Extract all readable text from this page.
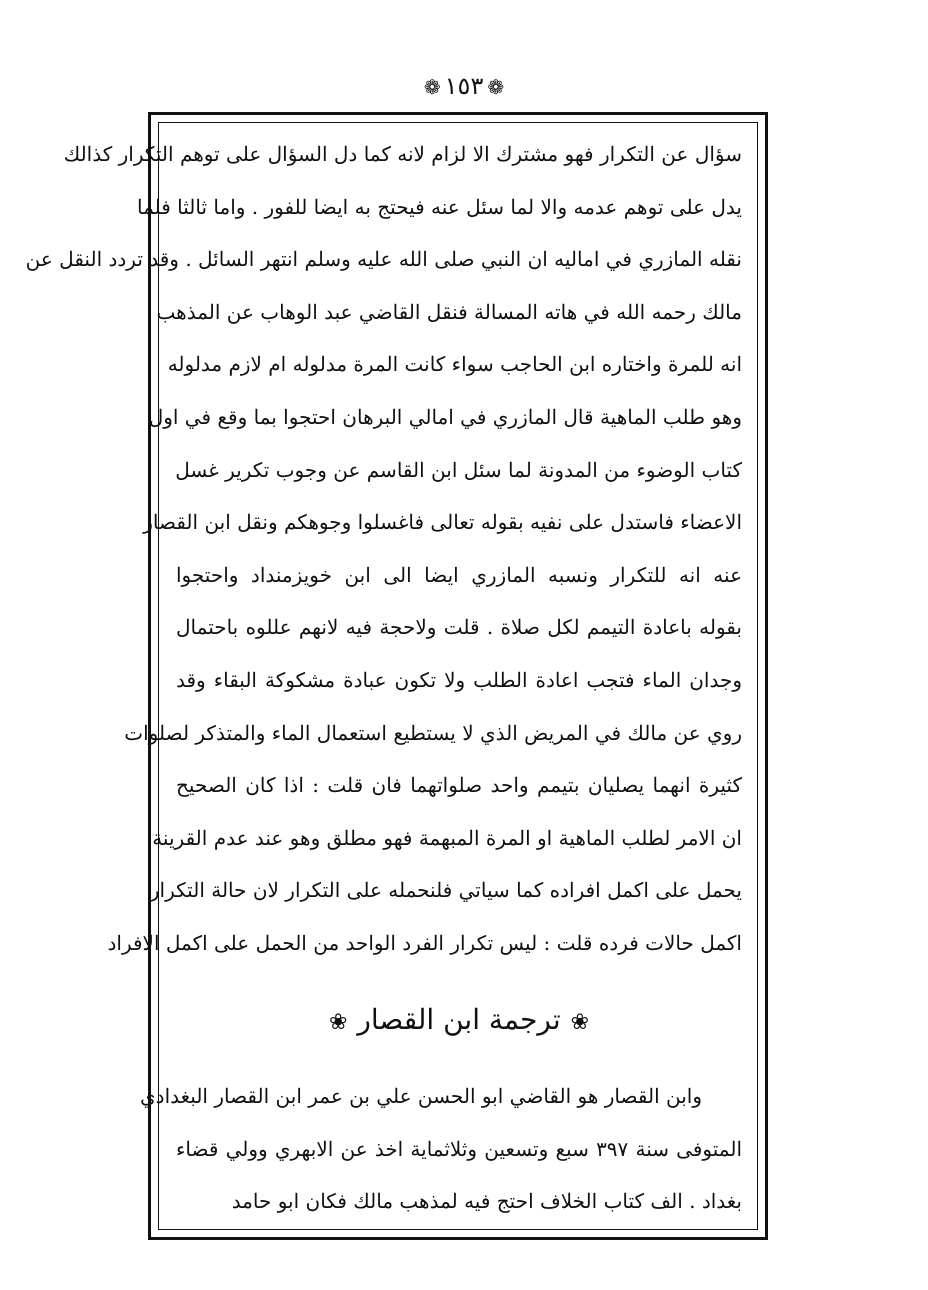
❁١٥٣❁
سؤال عن التكرار فهو مشترك الا لزام لانه كما دل السؤال على توهم التكرار كذالك
يدل على توهم عدمه والا لما سئل عنه فيحتج به ايضا للفور . واما ثالثا فلما
نقله المازري في اماليه ان النبي صلى الله عليه وسلم انتهر السائل . وقد تردد النقل عن
مالك رحمه الله في هاته المسالة فنقل القاضي عبد الوهاب عن المذهب
انه للمرة واختاره ابن الحاجب سواء كانت المرة مدلوله ام لازم مدلوله
وهو طلب الماهية قال المازري في امالي البرهان احتجوا بما وقع في اول
كتاب الوضوء من المدونة لما سئل ابن القاسم عن وجوب تكرير غسل
الاعضاء فاستدل على نفيه بقوله تعالى فاغسلوا وجوهكم ونقل ابن القصار
عنه انه للتكرار ونسبه المازري ايضا الى ابن خويزمنداد واحتجوا
بقوله باعادة التيمم لكل صلاة . قلت ولاحجة فيه لانهم عللوه باحتمال
وجدان الماء فتجب اعادة الطلب ولا تكون عبادة مشكوكة البقاء وقد
روي عن مالك في المريض الذي لا يستطيع استعمال الماء والمتذكر لصلوات
كثيرة انهما يصليان بتيمم واحد صلواتهما فان قلت : اذا كان الصحيح
ان الامر لطلب الماهية او المرة المبهمة فهو مطلق وهو عند عدم القرينة
يحمل على اكمل افراده كما سياتي فلنحمله على التكرار لان حالة التكرار
اكمل حالات فرده قلت : ليس تكرار الفرد الواحد من الحمل على اكمل الافراد
❀ترجمة ابن القصار❀
وابن القصار هو القاضي ابو الحسن علي بن عمر ابن القصار البغدادي
المتوفى سنة ٣٩٧ سبع وتسعين وثلاثماية اخذ عن الابهري وولي قضاء
بغداد . الف كتاب الخلاف احتج فيه لمذهب مالك فكان ابو حامد
